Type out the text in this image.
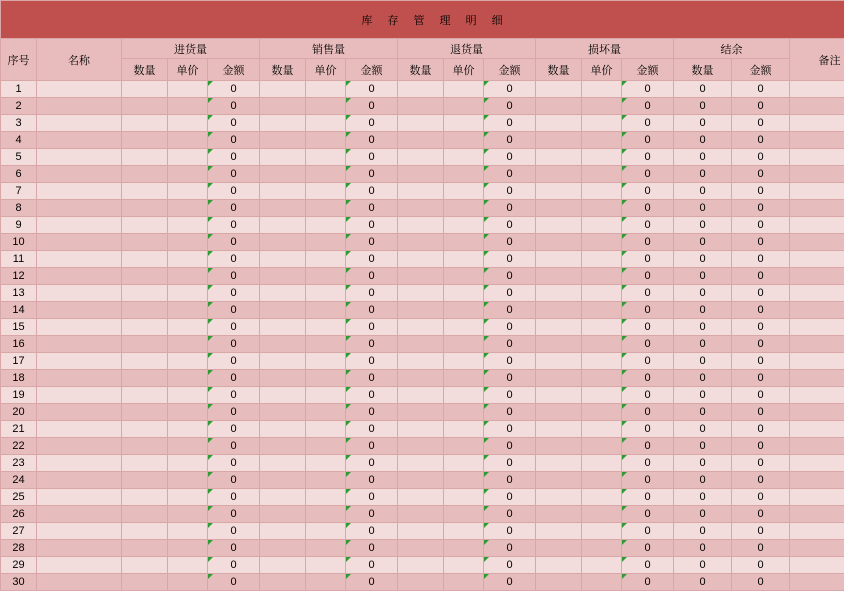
库 存 管 理 明 细																
序号	名称	进货量			销售量			退货量			损坏量			结余		备注
		数量	单价	金额	数量	单价	金额	数量	单价	金额	数量	单价	金额	数量	金额	
1				0			0			0			0	0	0	
2				0			0			0			0	0	0	
3				0			0			0			0	0	0	
4				0			0			0			0	0	0	
5				0			0			0			0	0	0	
6				0			0			0			0	0	0	
7				0			0			0			0	0	0	
8				0			0			0			0	0	0	
9				0			0			0			0	0	0	
10				0			0			0			0	0	0	
11				0			0			0			0	0	0	
12				0			0			0			0	0	0	
13				0			0			0			0	0	0	
14				0			0			0			0	0	0	
15				0			0			0			0	0	0	
16				0			0			0			0	0	0	
17				0			0			0			0	0	0	
18				0			0			0			0	0	0	
19				0			0			0			0	0	0	
20				0			0			0			0	0	0	
21				0			0			0			0	0	0	
22				0			0			0			0	0	0	
23				0			0			0			0	0	0	
24				0			0			0			0	0	0	
25				0			0			0			0	0	0	
26				0			0			0			0	0	0	
27				0			0			0			0	0	0	
28				0			0			0			0	0	0	
29				0			0			0			0	0	0	
30				0			0			0			0	0	0	
